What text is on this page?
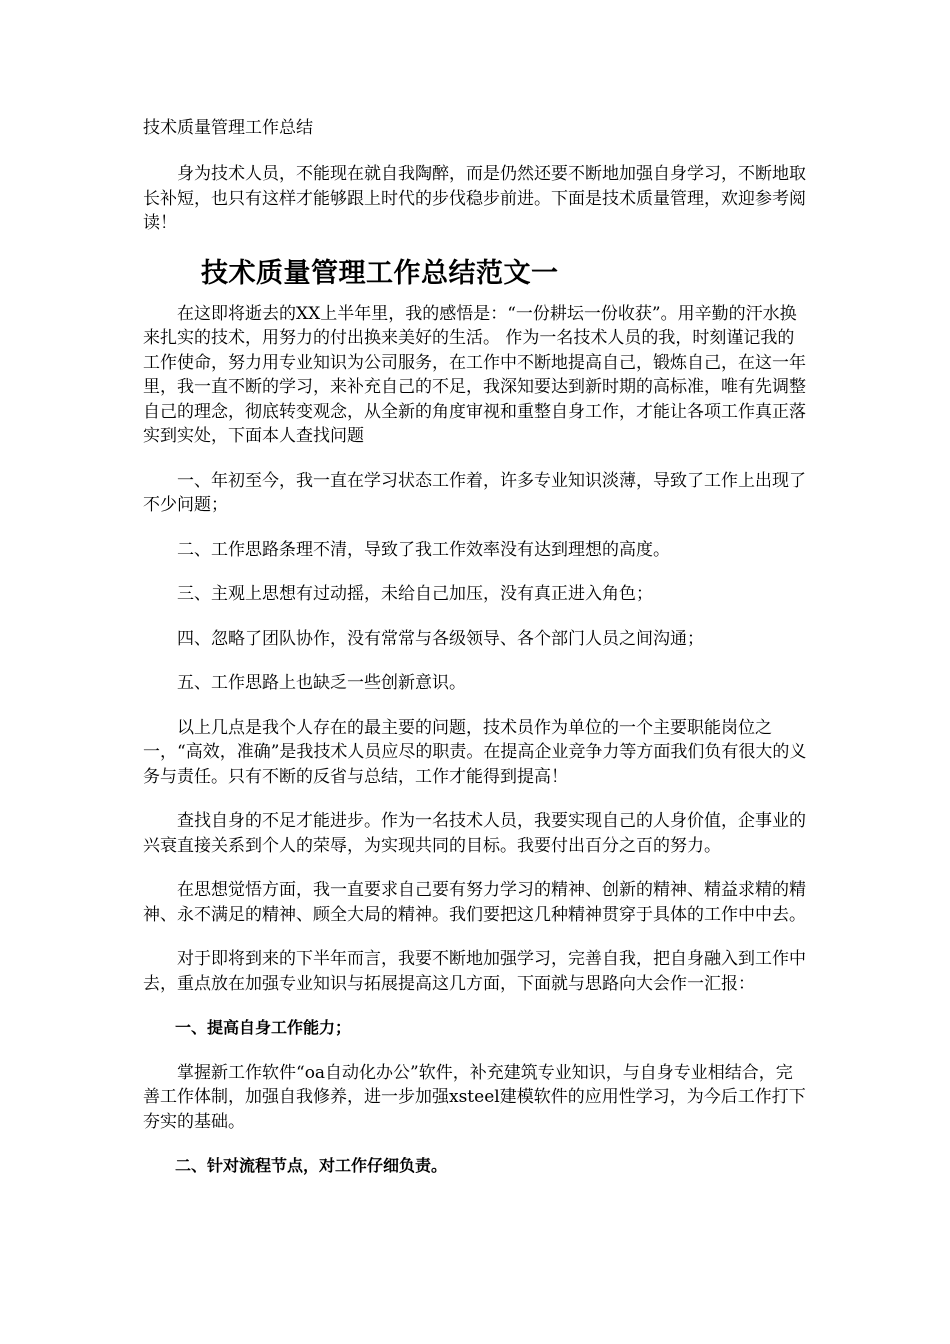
技术质量管理工作总结

身为技术人员，不能现在就自我陶醉，而是仍然还要不断地加强自身学习，不断地取长补短，也只有这样才能够跟上时代的步伐稳步前进。下面是技术质量管理，欢迎参考阅读！

技术质量管理工作总结范文一

在这即将逝去的XX上半年里，我的感悟是：“一份耕坛一份收获”。用辛勤的汗水换来扎实的技术，用努力的付出换来美好的生活。 作为一名技术人员的我，时刻谨记我的工作使命，努力用专业知识为公司服务，在工作中不断地提高自己，锻炼自己，在这一年里，我一直不断的学习，来补充自己的不足，我深知要达到新时期的高标准，唯有先调整自己的理念，彻底转变观念，从全新的角度审视和重整自身工作，才能让各项工作真正落实到实处，下面本人查找问题

一、年初至今，我一直在学习状态工作着，许多专业知识淡薄，导致了工作上出现了不少问题；

二、工作思路条理不清，导致了我工作效率没有达到理想的高度。

三、主观上思想有过动摇，未给自己加压，没有真正进入角色；

四、忽略了团队协作，没有常常与各级领导、各个部门人员之间沟通；

五、工作思路上也缺乏一些创新意识。

以上几点是我个人存在的最主要的问题，技术员作为单位的一个主要职能岗位之一，“高效，准确”是我技术人员应尽的职责。在提高企业竞争力等方面我们负有很大的义务与责任。只有不断的反省与总结，工作才能得到提高！

查找自身的不足才能进步。作为一名技术人员，我要实现自己的人身价值，企事业的兴衰直接关系到个人的荣辱，为实现共同的目标。我要付出百分之百的努力。

在思想觉悟方面，我一直要求自己要有努力学习的精神、创新的精神、精益求精的精神、永不满足的精神、顾全大局的精神。我们要把这几种精神贯穿于具体的工作中中去。

对于即将到来的下半年而言，我要不断地加强学习，完善自我，把自身融入到工作中去，重点放在加强专业知识与拓展提高这几方面，下面就与思路向大会作一汇报：

一、提高自身工作能力；

掌握新工作软件“oa自动化办公”软件，补充建筑专业知识，与自身专业相结合，完善工作体制，加强自我修养，进一步加强xsteel建模软件的应用性学习，为今后工作打下夯实的基础。

二、针对流程节点，对工作仔细负责。
